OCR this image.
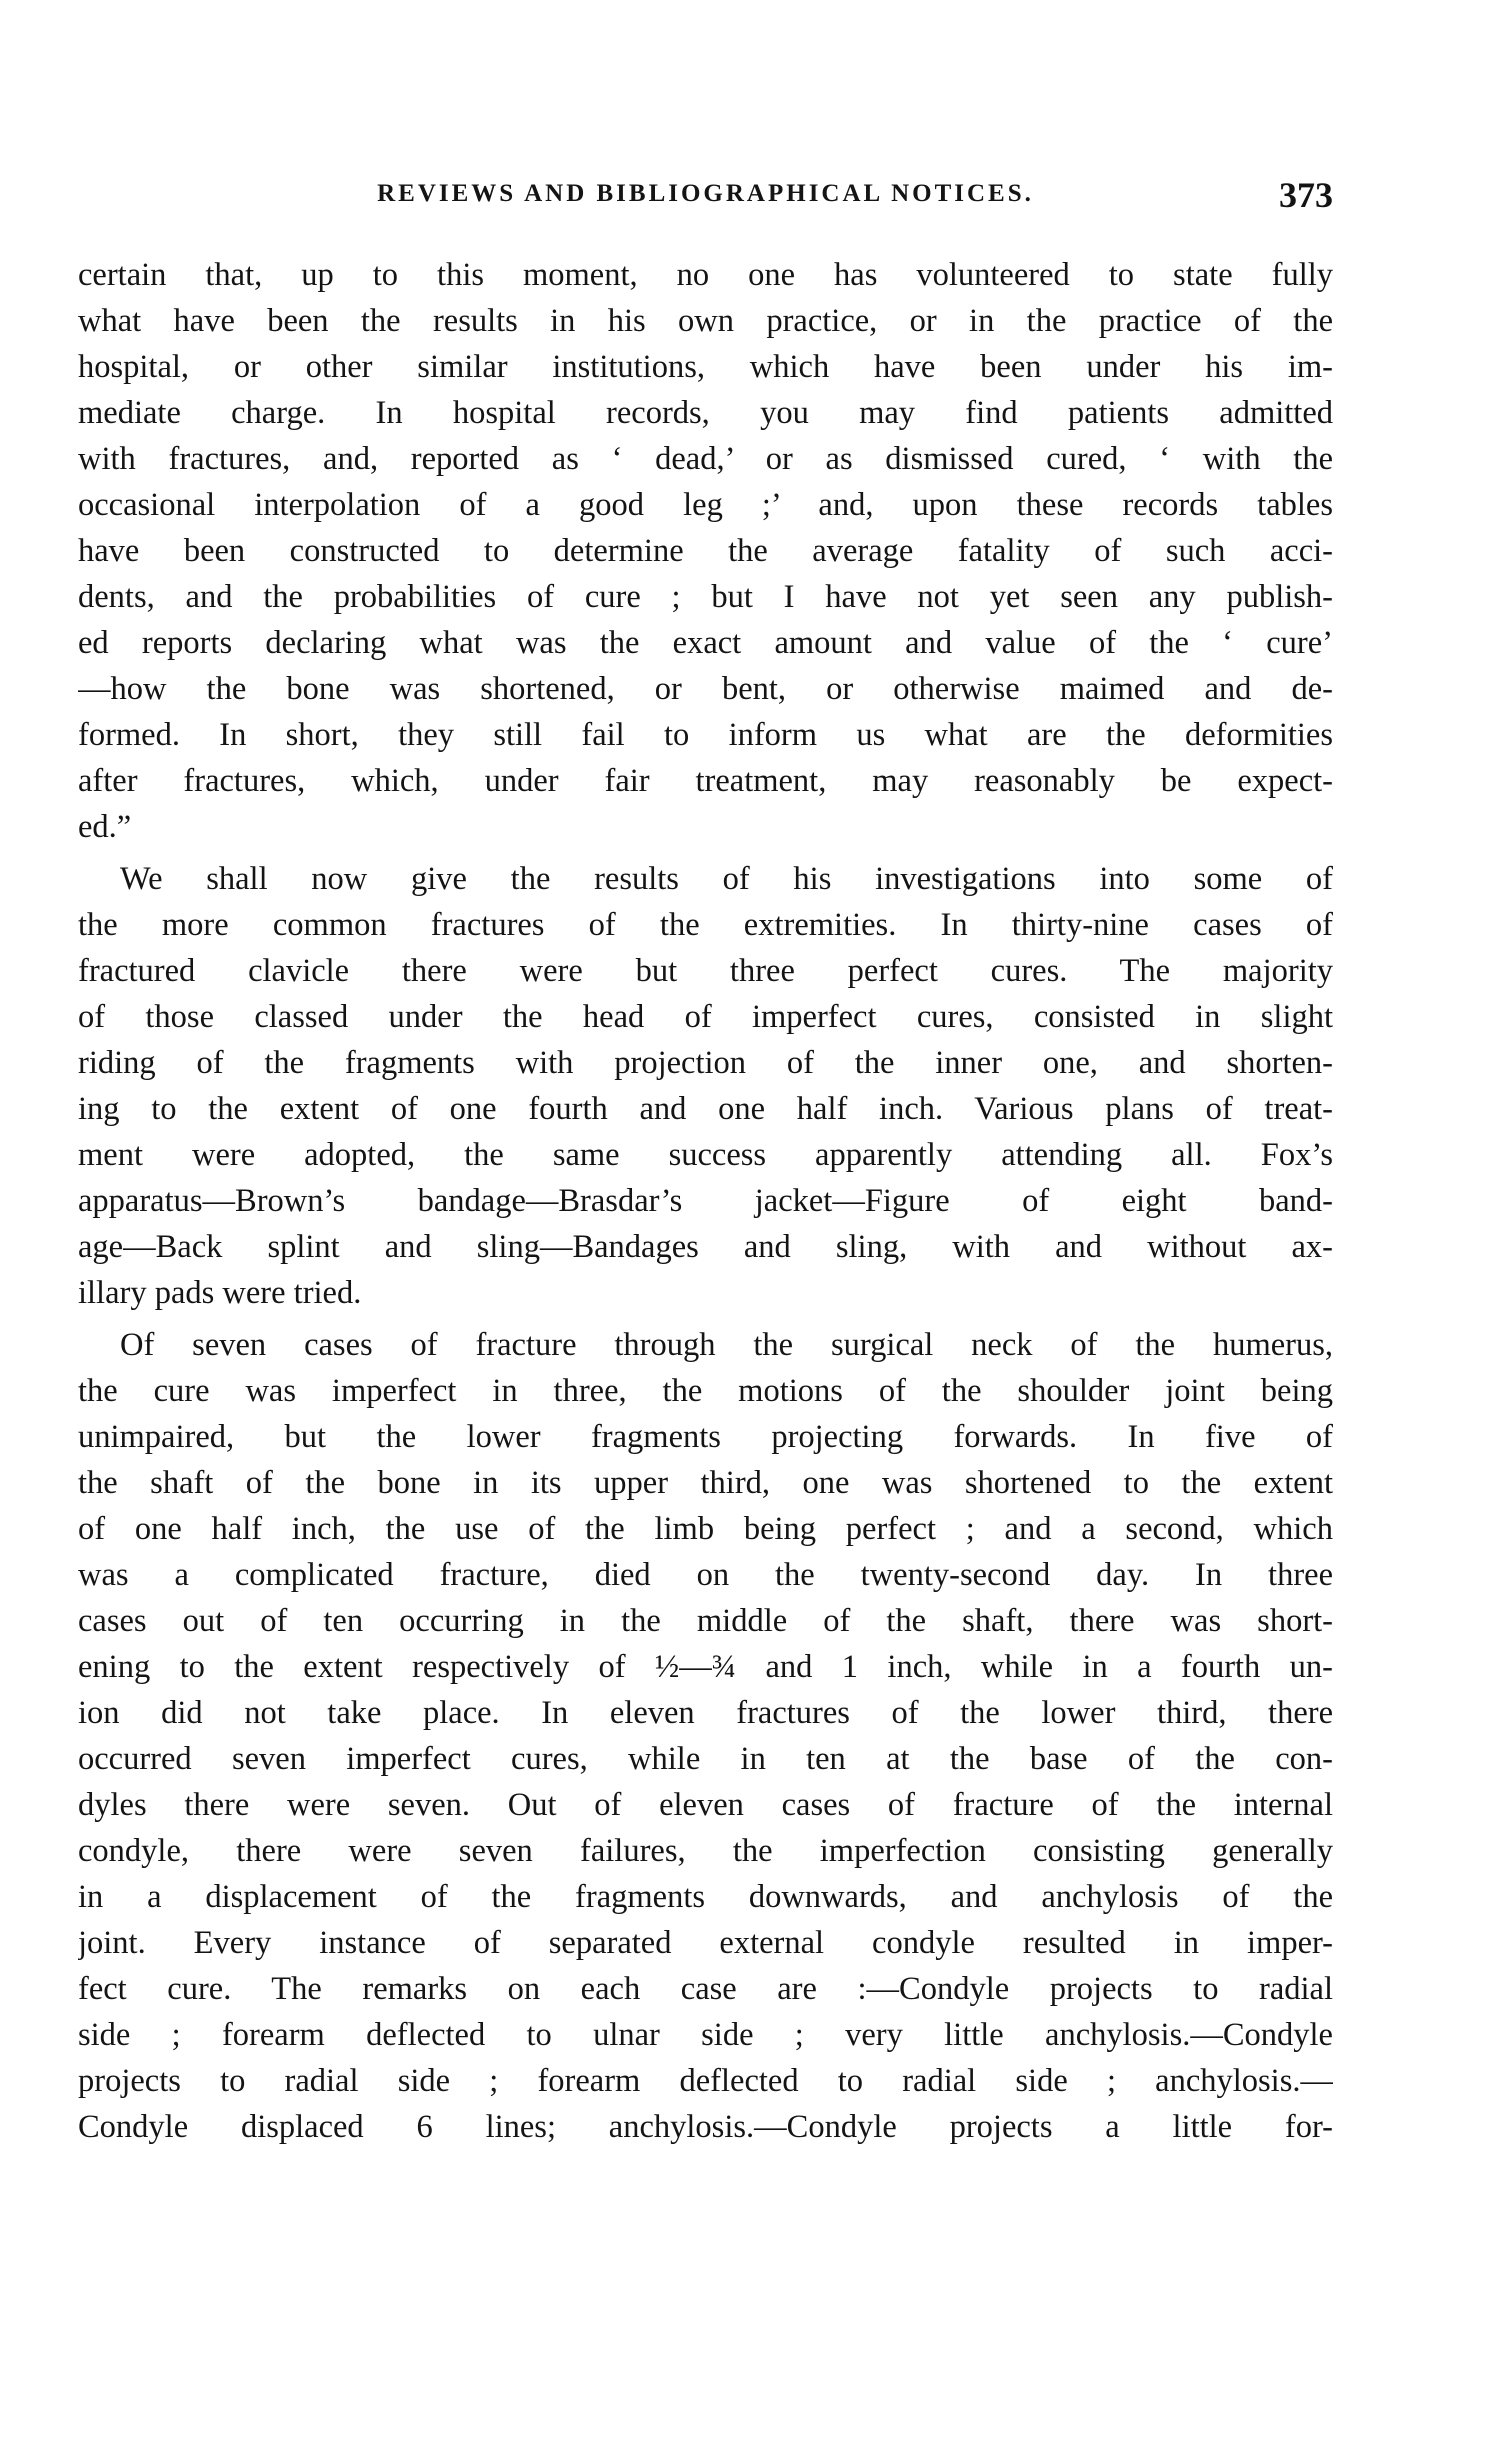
REVIEWS AND BIBLIOGRAPHICAL NOTICES.	373
certain that, up to this moment, no one has volunteered to state fully
what have been the results in his own practice, or in the practice of the
hospital, or other similar institutions, which have been under his im-
mediate charge. In hospital records, you may find patients admitted
with fractures, and, reported as ‘ dead,’ or as dismissed cured, ‘ with the
occasional interpolation of a good leg ;’ and, upon these records tables
have been constructed to determine the average fatality of such acci-
dents, and the probabilities of cure ; but I have not yet seen any publish-
ed reports declaring what was the exact amount and value of the ‘ cure’
—how the bone was shortened, or bent, or otherwise maimed and de-
formed. In short, they still fail to inform us what are the deformities
after fractures, which, under fair treatment, may reasonably be expect-
ed.”
We shall now give the results of his investigations into some of
the more common fractures of the extremities. In thirty-nine cases of
fractured clavicle there were but three perfect cures. The majority
of those classed under the head of imperfect cures, consisted in slight
riding of the fragments with projection of the inner one, and shorten-
ing to the extent of one fourth and one half inch. Various plans of treat-
ment were adopted, the same success apparently attending all. Fox’s
apparatus—Brown’s bandage—Brasdar’s jacket—Figure of eight band-
age—Back splint and sling—Bandages and sling, with and without ax-
illary pads were tried.
Of seven cases of fracture through the surgical neck of the humerus,
the cure was imperfect in three, the motions of the shoulder joint being
unimpaired, but the lower fragments projecting forwards. In five of
the shaft of the bone in its upper third, one was shortened to the extent
of one half inch, the use of the limb being perfect ; and a second, which
was a complicated fracture, died on the twenty-second day. In three
cases out of ten occurring in the middle of the shaft, there was short-
ening to the extent respectively of ½—¾ and 1 inch, while in a fourth un-
ion did not take place. In eleven fractures of the lower third, there
occurred seven imperfect cures, while in ten at the base of the con-
dyles there were seven. Out of eleven cases of fracture of the internal
condyle, there were seven failures, the imperfection consisting generally
in a displacement of the fragments downwards, and anchylosis of the
joint. Every instance of separated external condyle resulted in imper-
fect cure. The remarks on each case are :—Condyle projects to radial
side ; forearm deflected to ulnar side ; very little anchylosis.—Condyle
projects to radial side ; forearm deflected to radial side ; anchylosis.—
Condyle displaced 6 lines; anchylosis.—Condyle projects a little for-
